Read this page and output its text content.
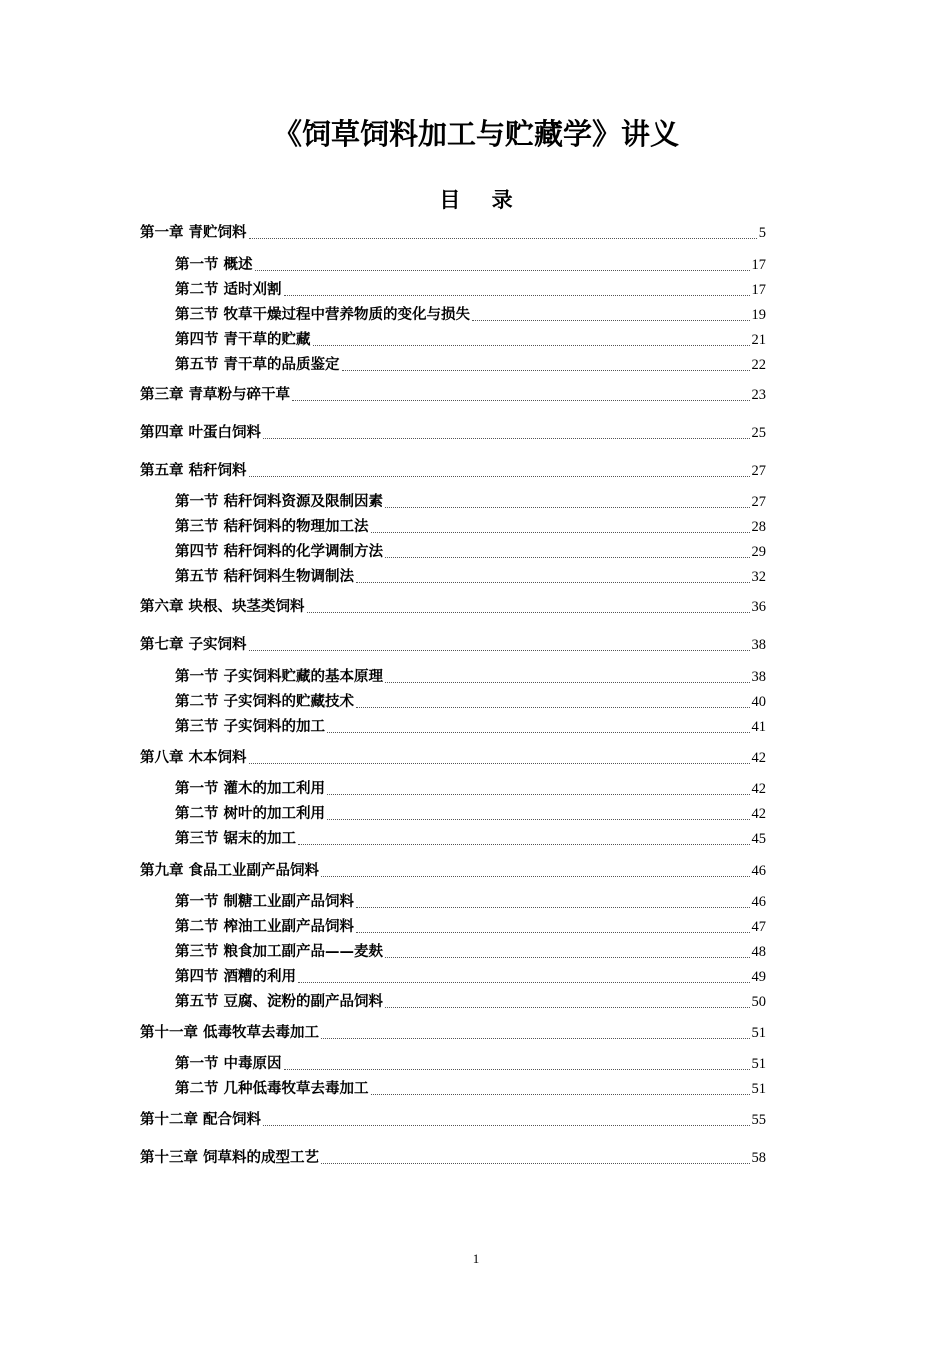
《饲草饲料加工与贮藏学》讲义
目 录
第一章 青贮饲料	5
第一节 概述	17
第二节 适时刈割	17
第三节 牧草干燥过程中营养物质的变化与损失	19
第四节 青干草的贮藏	21
第五节 青干草的品质鉴定	22
第三章 青草粉与碎干草	23
第四章 叶蛋白饲料	25
第五章 秸秆饲料	27
第一节 秸秆饲料资源及限制因素	27
第三节 秸秆饲料的物理加工法	28
第四节 秸秆饲料的化学调制方法	29
第五节 秸秆饲料生物调制法	32
第六章 块根、块茎类饲料	36
第七章 子实饲料	38
第一节 子实饲料贮藏的基本原理	38
第二节 子实饲料的贮藏技术	40
第三节 子实饲料的加工	41
第八章 木本饲料	42
第一节 灌木的加工利用	42
第二节 树叶的加工利用	42
第三节 锯末的加工	45
第九章 食品工业副产品饲料	46
第一节 制糖工业副产品饲料	46
第二节 榨油工业副产品饲料	47
第三节 粮食加工副产品——麦麸	48
第四节 酒糟的利用	49
第五节 豆腐、淀粉的副产品饲料	50
第十一章 低毒牧草去毒加工	51
第一节 中毒原因	51
第二节 几种低毒牧草去毒加工	51
第十二章 配合饲料	55
第十三章 饲草料的成型工艺	58
1
